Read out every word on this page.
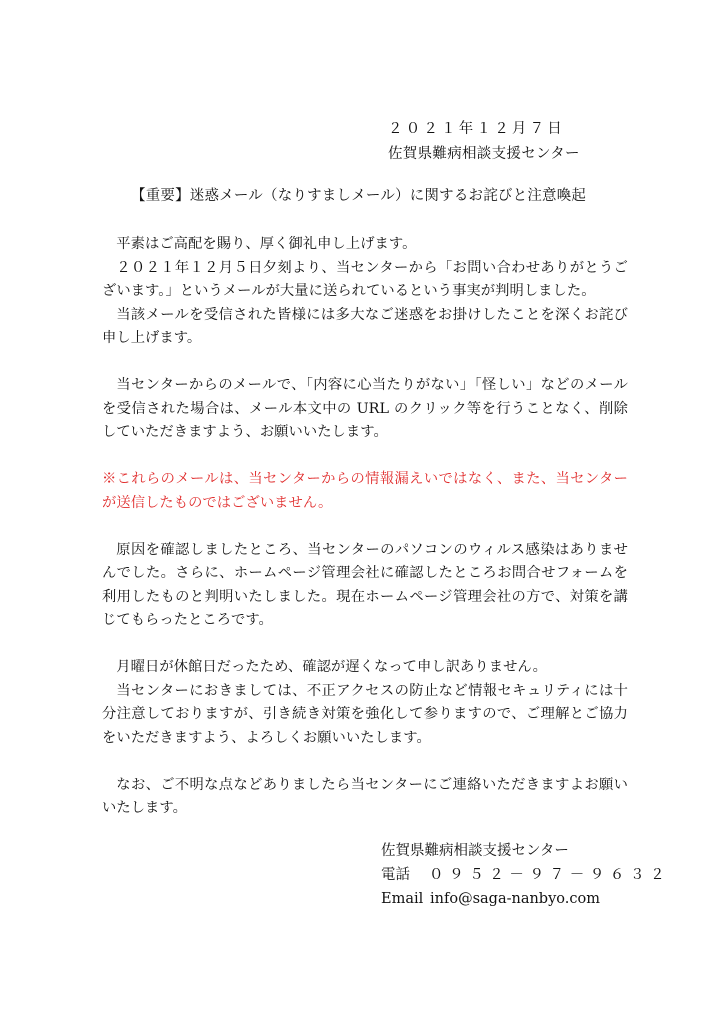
２０２１年１２月７日
佐賀県難病相談支援センター
【重要】迷惑メール（なりすましメール）に関するお詫びと注意喚起

平素はご高配を賜り、厚く御礼申し上げます。

２０２１年１２月５日夕刻より、当センターから「お問い合わせありがとうございます。」というメールが大量に送られているという事実が判明しました。

当該メールを受信された皆様には多大なご迷惑をお掛けしたことを深くお詫び申し上げます。

当センターからのメールで、「内容に心当たりがない」「怪しい」などのメールを受信された場合は、メール本文中の URL のクリック等を行うことなく、削除していただきますよう、お願いいたします。

※これらのメールは、当センターからの情報漏えいではなく、また、当センターが送信したものではございません。

原因を確認しましたところ、当センターのパソコンのウィルス感染はありませんでした。さらに、ホームページ管理会社に確認したところお問合せフォームを利用したものと判明いたしました。現在ホームページ管理会社の方で、対策を講じてもらったところです。

月曜日が休館日だったため、確認が遅くなって申し訳ありません。

当センターにおきましては、不正アクセスの防止など情報セキュリティには十分注意しておりますが、引き続き対策を強化して参りますので、ご理解とご協力をいただきますよう、よろしくお願いいたします。

なお、ご不明な点などありましたら当センターにご連絡いただきますよお願いいたします。

佐賀県難病相談支援センター
電話	０９５２－９７－９６３２
Email info@saga-nanbyo.com
